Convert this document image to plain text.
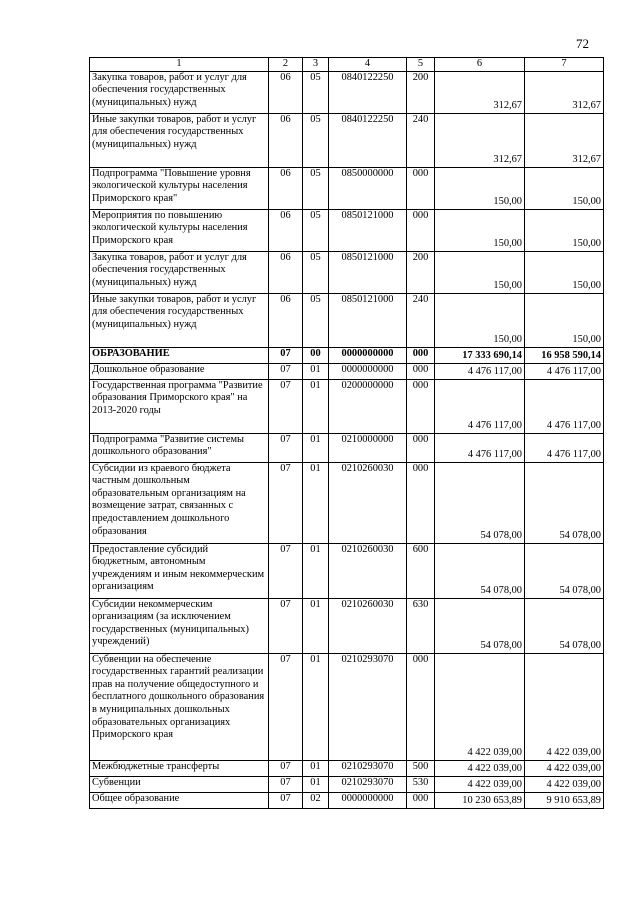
72
1	2	3	4	5	6	7
Закупка товаров, работ и услуг для обеспечения государственных (муниципальных) нужд	06	05	0840122250	200	312,67	312,67
Иные закупки товаров, работ и услуг для обеспечения государственных (муниципальных) нужд	06	05	0840122250	240	312,67	312,67
Подпрограмма "Повышение уровня экологической культуры населения Приморского края"	06	05	0850000000	000	150,00	150,00
Мероприятия по повышению экологической культуры населения Приморского края	06	05	0850121000	000	150,00	150,00
Закупка товаров, работ и услуг для обеспечения государственных (муниципальных) нужд	06	05	0850121000	200	150,00	150,00
Иные закупки товаров, работ и услуг для обеспечения государственных (муниципальных) нужд	06	05	0850121000	240	150,00	150,00
ОБРАЗОВАНИЕ	07	00	0000000000	000	17 333 690,14	16 958 590,14
Дошкольное образование	07	01	0000000000	000	4 476 117,00	4 476 117,00
Государственная программа "Развитие образования Приморского края" на 2013-2020 годы	07	01	0200000000	000	4 476 117,00	4 476 117,00
Подпрограмма "Развитие системы дошкольного образования"	07	01	0210000000	000	4 476 117,00	4 476 117,00
Субсидии из краевого бюджета частным дошкольным образовательным организациям на возмещение затрат, связанных с предоставлением дошкольного образования	07	01	0210260030	000	54 078,00	54 078,00
Предоставление субсидий бюджетным, автономным учреждениям и иным некоммерческим организациям	07	01	0210260030	600	54 078,00	54 078,00
Субсидии некоммерческим организациям (за исключением государственных (муниципальных) учреждений)	07	01	0210260030	630	54 078,00	54 078,00
Субвенции на обеспечение государственных гарантий реализации прав на получение общедоступного и бесплатного дошкольного образования в муниципальных дошкольных образовательных организациях Приморского края	07	01	0210293070	000	4 422 039,00	4 422 039,00
Межбюджетные трансферты	07	01	0210293070	500	4 422 039,00	4 422 039,00
Субвенции	07	01	0210293070	530	4 422 039,00	4 422 039,00
Общее образование	07	02	0000000000	000	10 230 653,89	9 910 653,89
